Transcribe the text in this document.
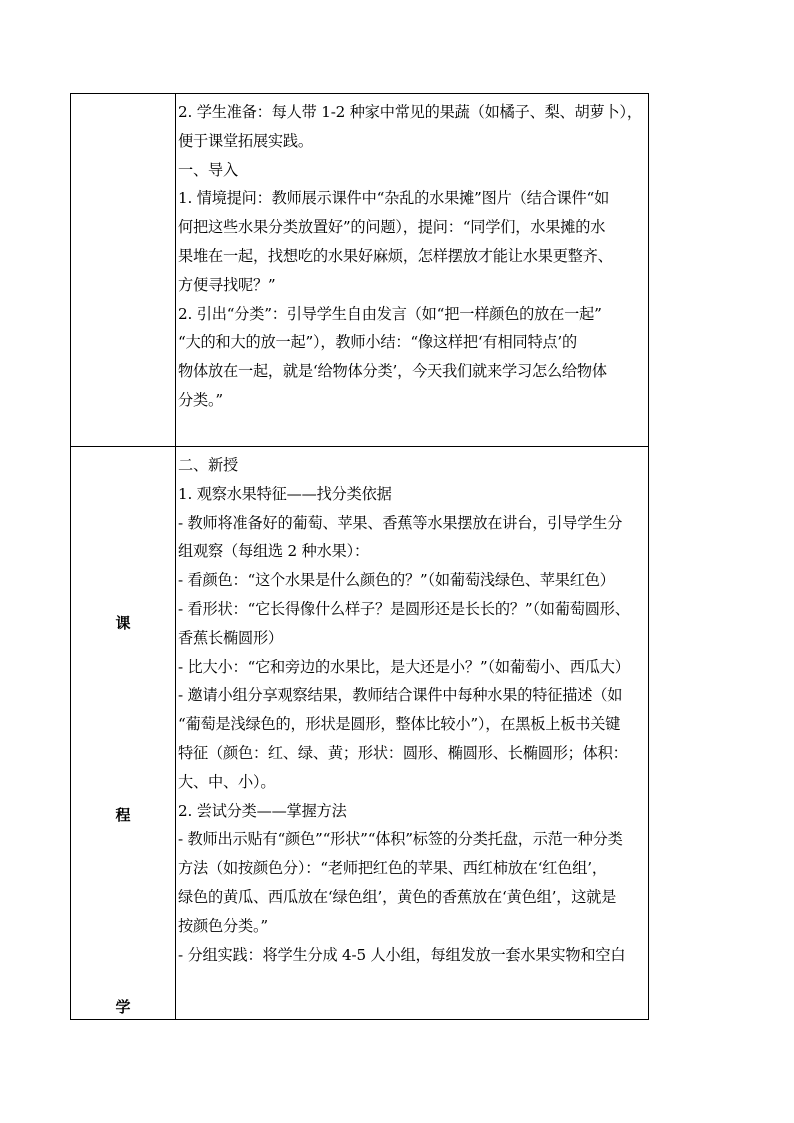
课
程
学
2. 学生准备：每人带 1-2 种家中常见的果蔬（如橘子、梨、胡萝卜），
便于课堂拓展实践。
一、导入
1. 情境提问：教师展示课件中“杂乱的水果摊”图片（结合课件“如
何把这些水果分类放置好”的问题），提问：“同学们，水果摊的水
果堆在一起，找想吃的水果好麻烦，怎样摆放才能让水果更整齐、
方便寻找呢？”
2. 引出“分类”：引导学生自由发言（如“把一样颜色的放在一起”
“大的和大的放一起”），教师小结：“像这样把‘有相同特点’的
物体放在一起，就是‘给物体分类’，今天我们就来学习怎么给物体
分类。”
二、新授
1. 观察水果特征——找分类依据
- 教师将准备好的葡萄、苹果、香蕉等水果摆放在讲台，引导学生分
组观察（每组选 2 种水果）：
- 看颜色：“这个水果是什么颜色的？”（如葡萄浅绿色、苹果红色）
- 看形状：“它长得像什么样子？是圆形还是长长的？”（如葡萄圆形、
香蕉长椭圆形）
- 比大小：“它和旁边的水果比，是大还是小？”（如葡萄小、西瓜大）
- 邀请小组分享观察结果，教师结合课件中每种水果的特征描述（如
“葡萄是浅绿色的，形状是圆形，整体比较小”），在黑板上板书关键
特征（颜色：红、绿、黄；形状：圆形、椭圆形、长椭圆形；体积：
大、中、小）。
2. 尝试分类——掌握方法
- 教师出示贴有“颜色”“形状”“体积”标签的分类托盘，示范一种分类
方法（如按颜色分）：“老师把红色的苹果、西红柿放在‘红色组’，
绿色的黄瓜、西瓜放在‘绿色组’，黄色的香蕉放在‘黄色组’，这就是
按颜色分类。”
- 分组实践：将学生分成 4-5 人小组，每组发放一套水果实物和空白
